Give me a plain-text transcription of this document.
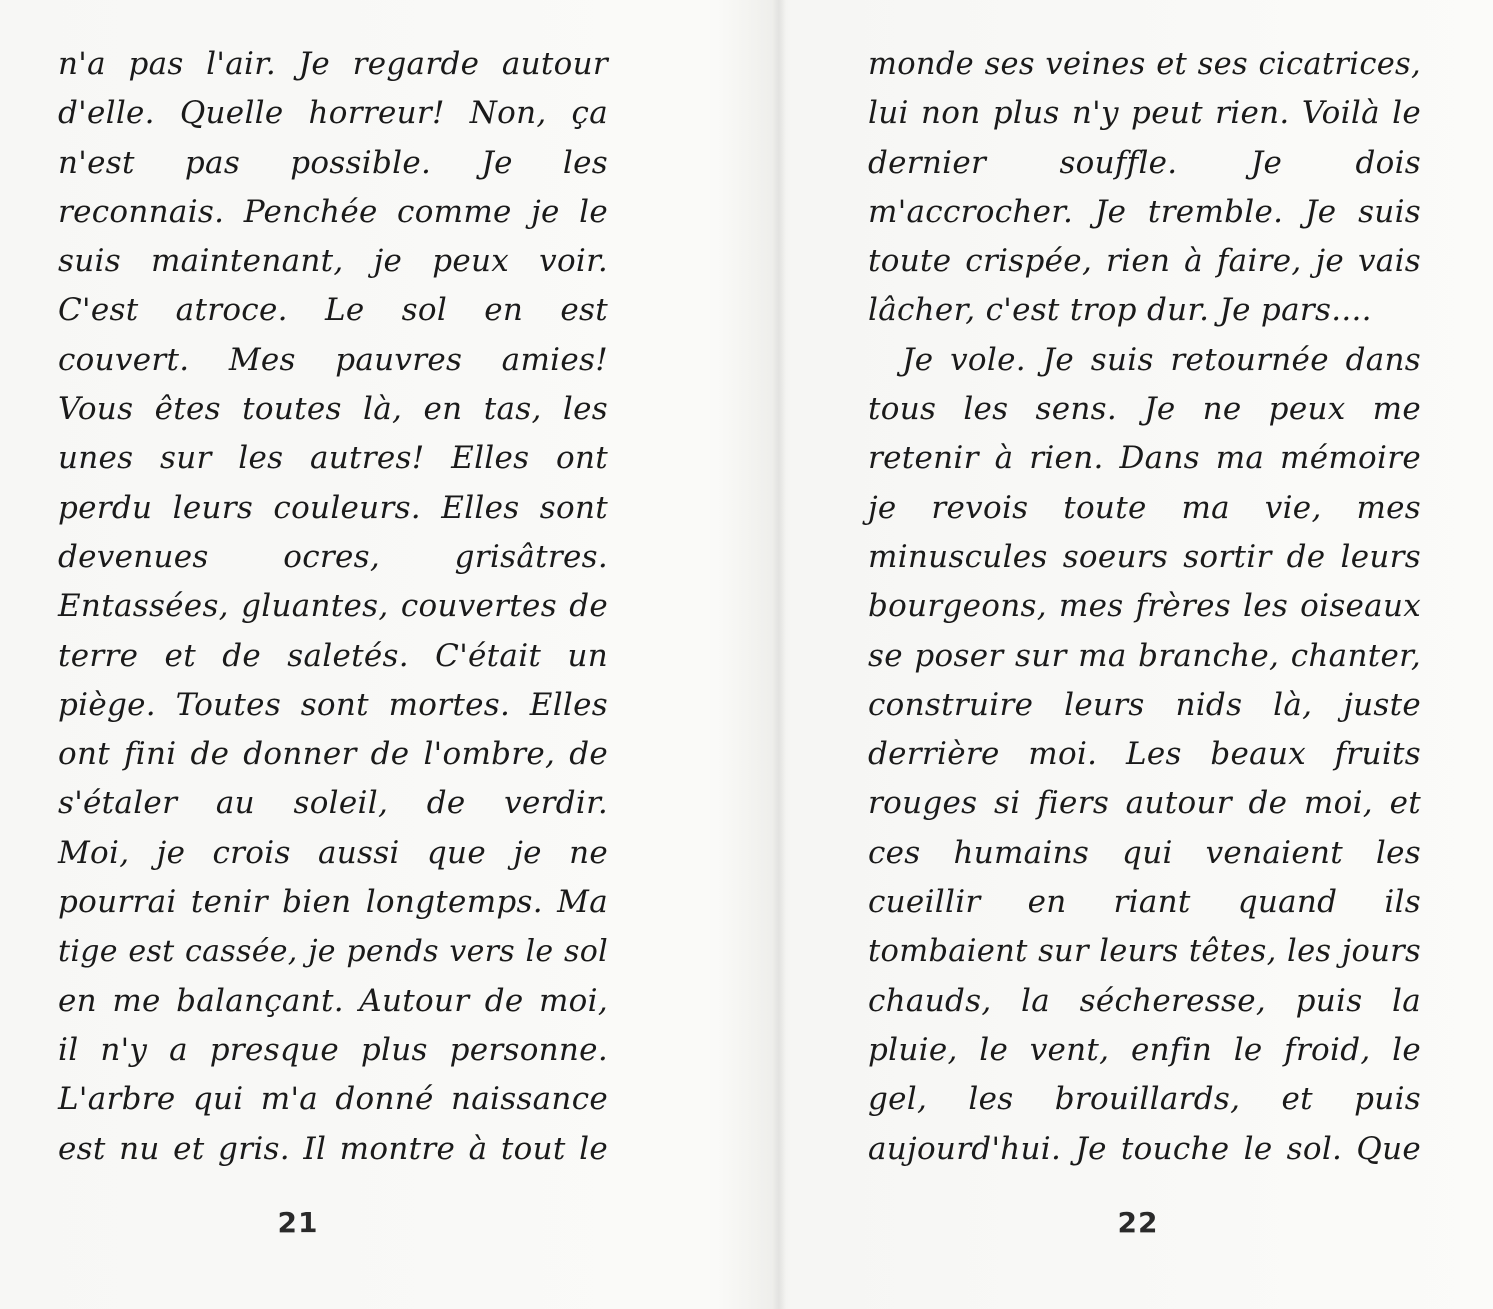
n'a pas l'air. Je regarde autour
d'elle. Quelle horreur! Non, ça
n'est pas possible. Je les
reconnais. Penchée comme je le
suis maintenant, je peux voir.
C'est atroce. Le sol en est
couvert. Mes pauvres amies!
Vous êtes toutes là, en tas, les
unes sur les autres! Elles ont
perdu leurs couleurs. Elles sont
devenues ocres, grisâtres.
Entassées, gluantes, couvertes de
terre et de saletés. C'était un
piège. Toutes sont mortes. Elles
ont fini de donner de l'ombre, de
s'étaler au soleil, de verdir.
Moi, je crois aussi que je ne
pourrai tenir bien longtemps. Ma
tige est cassée, je pends vers le sol
en me balançant. Autour de moi,
il n'y a presque plus personne.
L'arbre qui m'a donné naissance
est nu et gris. Il montre à tout le
21
monde ses veines et ses cicatrices,
lui non plus n'y peut rien. Voilà le
dernier souffle. Je dois
m'accrocher. Je tremble. Je suis
toute crispée, rien à faire, je vais
lâcher, c'est trop dur. Je pars....
Je vole. Je suis retournée dans
tous les sens. Je ne peux me
retenir à rien. Dans ma mémoire
je revois toute ma vie, mes
minuscules soeurs sortir de leurs
bourgeons, mes frères les oiseaux
se poser sur ma branche, chanter,
construire leurs nids là, juste
derrière moi. Les beaux fruits
rouges si fiers autour de moi, et
ces humains qui venaient les
cueillir en riant quand ils
tombaient sur leurs têtes, les jours
chauds, la sécheresse, puis la
pluie, le vent, enfin le froid, le
gel, les brouillards, et puis
aujourd'hui. Je touche le sol. Que
22
